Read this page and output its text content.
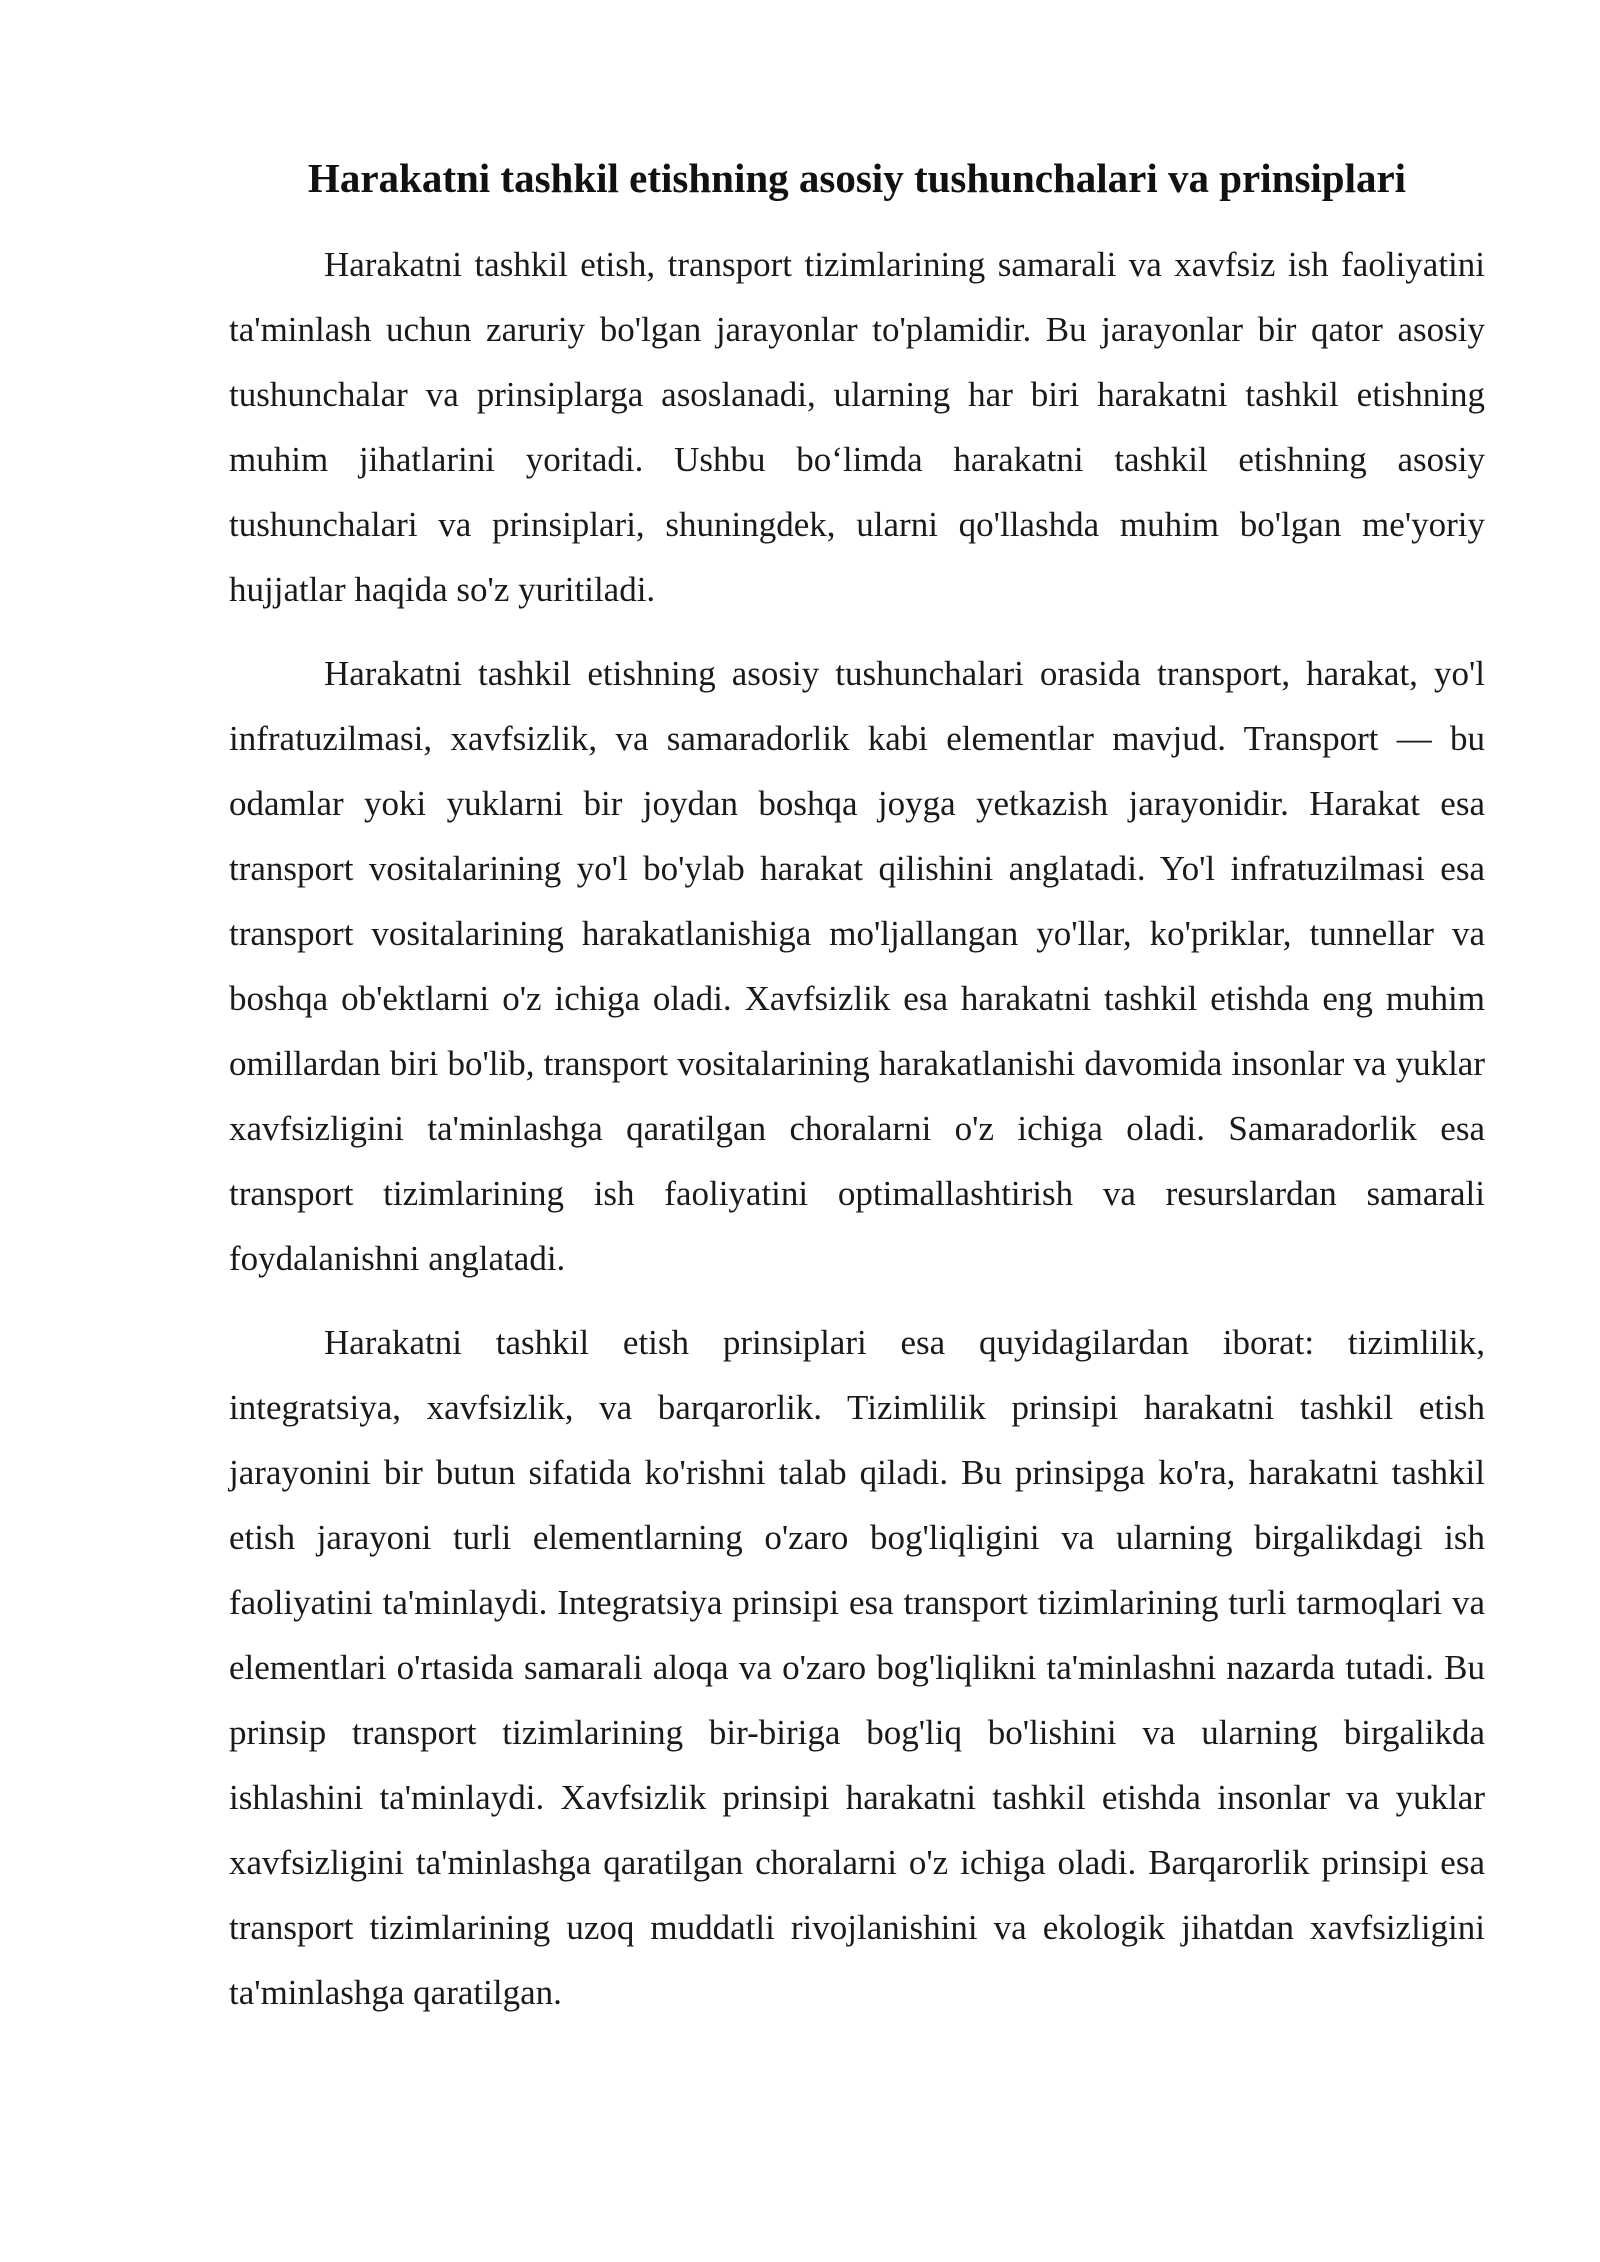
Harakatni tashkil etishning asosiy tushunchalari va prinsiplari

Harakatni tashkil etish, transport tizimlarining samarali va xavfsiz ish faoliyatini ta'minlash uchun zaruriy bo'lgan jarayonlar to'plamidir. Bu jarayonlar bir qator asosiy tushunchalar va prinsiplarga asoslanadi, ularning har biri harakatni tashkil etishning muhim jihatlarini yoritadi. Ushbu bo‘limda harakatni tashkil etishning asosiy tushunchalari va prinsiplari, shuningdek, ularni qo'llashda muhim bo'lgan me'yoriy hujjatlar haqida so'z yuritiladi.

Harakatni tashkil etishning asosiy tushunchalari orasida transport, harakat, yo'l infratuzilmasi, xavfsizlik, va samaradorlik kabi elementlar mavjud. Transport — bu odamlar yoki yuklarni bir joydan boshqa joyga yetkazish jarayonidir. Harakat esa transport vositalarining yo'l bo'ylab harakat qilishini anglatadi. Yo'l infratuzilmasi esa transport vositalarining harakatlanishiga mo'ljallangan yo'llar, ko'priklar, tunnellar va boshqa ob'ektlarni o'z ichiga oladi. Xavfsizlik esa harakatni tashkil etishda eng muhim omillardan biri bo'lib, transport vositalarining harakatlanishi davomida insonlar va yuklar xavfsizligini ta'minlashga qaratilgan choralarni o'z ichiga oladi. Samaradorlik esa transport tizimlarining ish faoliyatini optimallashtirish va resurslardan samarali foydalanishni anglatadi.

Harakatni tashkil etish prinsiplari esa quyidagilardan iborat: tizimlilik, integratsiya, xavfsizlik, va barqarorlik. Tizimlilik prinsipi harakatni tashkil etish jarayonini bir butun sifatida ko'rishni talab qiladi. Bu prinsipga ko'ra, harakatni tashkil etish jarayoni turli elementlarning o'zaro bog'liqligini va ularning birgalikdagi ish faoliyatini ta'minlaydi. Integratsiya prinsipi esa transport tizimlarining turli tarmoqlari va elementlari o'rtasida samarali aloqa va o'zaro bog'liqlikni ta'minlashni nazarda tutadi. Bu prinsip transport tizimlarining bir-biriga bog'liq bo'lishini va ularning birgalikda ishlashini ta'minlaydi. Xavfsizlik prinsipi harakatni tashkil etishda insonlar va yuklar xavfsizligini ta'minlashga qaratilgan choralarni o'z ichiga oladi. Barqarorlik prinsipi esa transport tizimlarining uzoq muddatli rivojlanishini va ekologik jihatdan xavfsizligini ta'minlashga qaratilgan.
